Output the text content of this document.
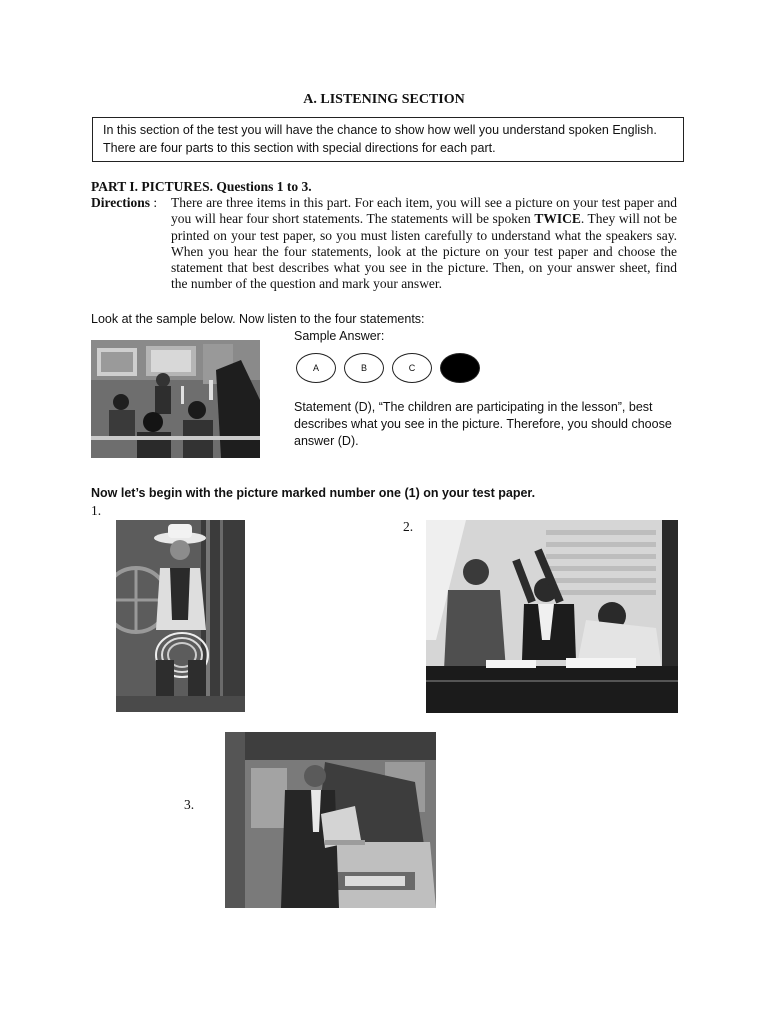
A. LISTENING SECTION
In this section of the test you will have the chance to show how well you understand spoken English.
There are four parts to this section with special directions for each part.
PART I. PICTURES. Questions 1 to 3.
Directions : There are three items in this part. For each item, you will see a picture on your test paper and you will hear four short statements. The statements will be spoken TWICE. They will not be printed on your test paper, so you must listen carefully to understand what the speakers say. When you hear the four statements, look at the picture on your test paper and choose the statement that best describes what you see in the picture. Then, on your answer sheet, find the number of the question and mark your answer.
Look at the sample below. Now listen to the four statements:
Sample Answer:
A	B	C
Statement (D), “The children are participating in the lesson”, best describes what you see in the picture. Therefore, you should choose answer (D).
Now let’s begin with the picture marked number one (1) on your test paper.
1.
2.
3.
